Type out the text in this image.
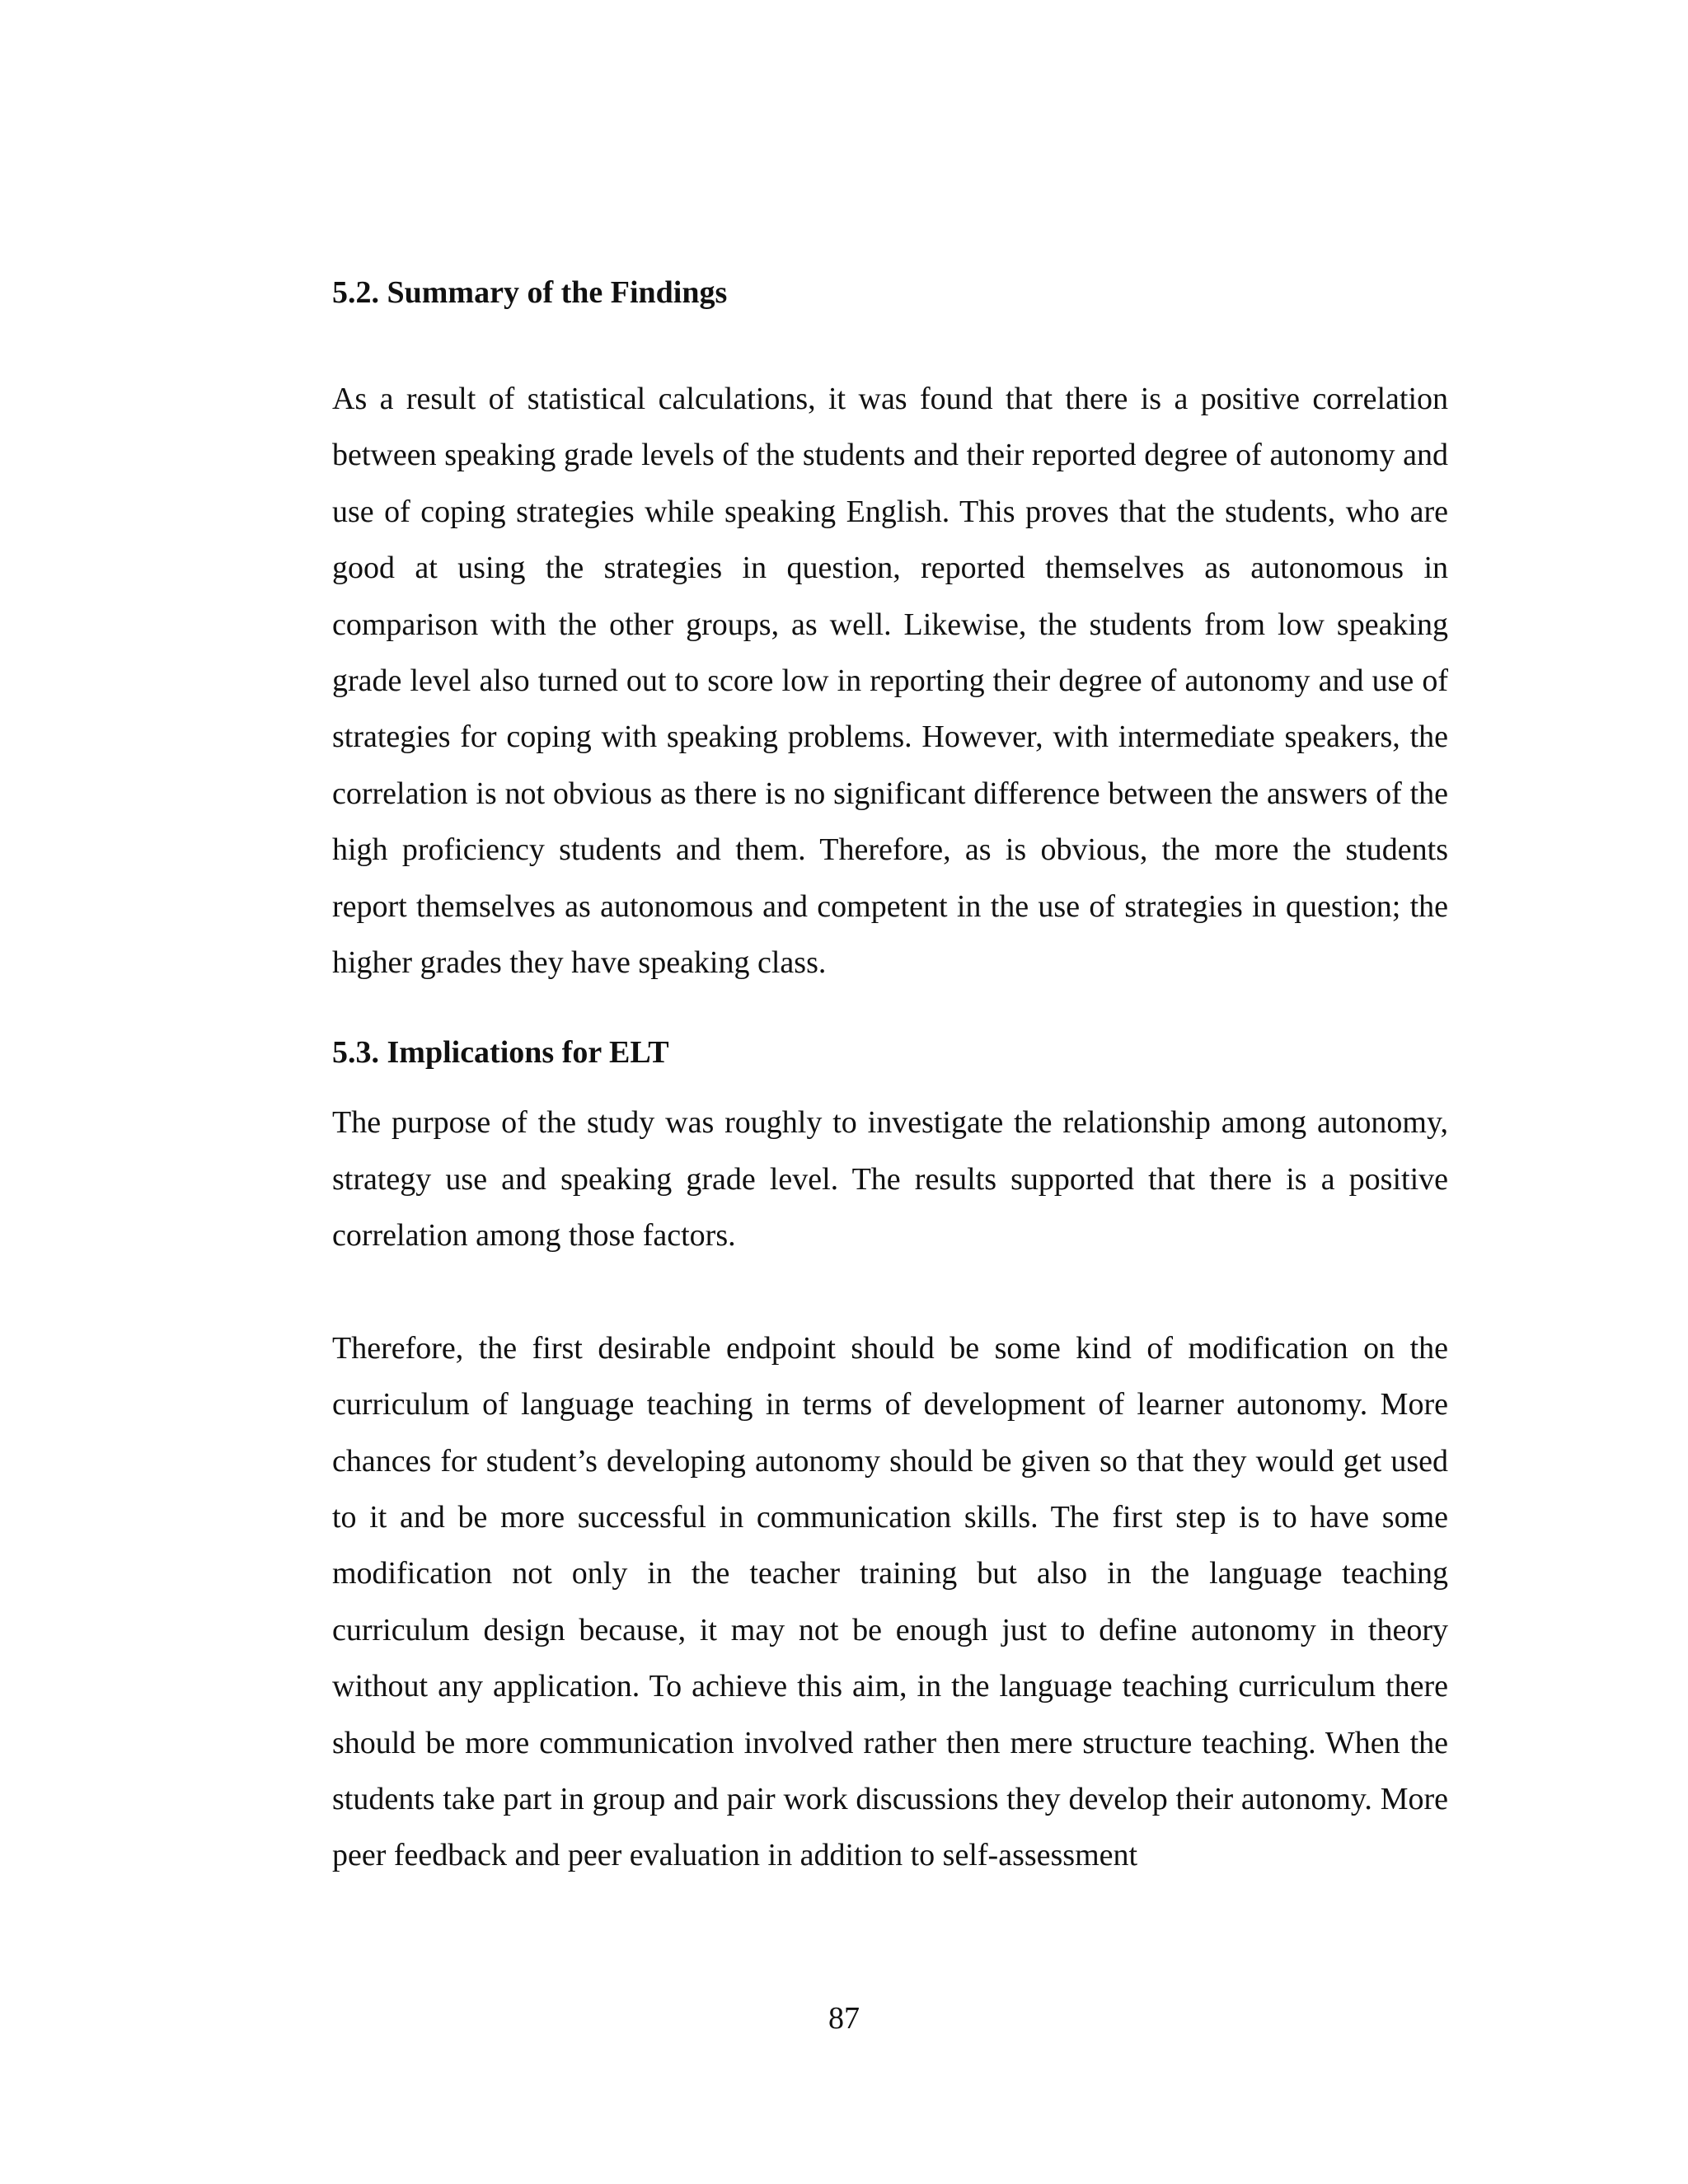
5.2. Summary of the Findings

As a result of statistical calculations, it was found that there is a positive correlation between speaking grade levels of the students and their reported degree of autonomy and use of coping strategies while speaking English. This proves that the students, who are good at using the strategies in question, reported themselves as autonomous in comparison with the other groups, as well. Likewise, the students from low speaking grade level also turned out to score low in reporting their degree of autonomy and use of strategies for coping with speaking problems. However, with intermediate speakers, the correlation is not obvious as there is no significant difference between the answers of the high proficiency students and them. Therefore, as is obvious, the more the students report themselves as autonomous and competent in the use of strategies in question; the higher grades they have speaking class.

5.3. Implications for ELT

The purpose of the study was roughly to investigate the relationship among autonomy, strategy use and speaking grade level. The results supported that there is a positive correlation among those factors.

Therefore, the first desirable endpoint should be some kind of modification on the curriculum of language teaching in terms of development of learner autonomy. More chances for student’s developing autonomy should be given so that they would get used to it and be more successful in communication skills. The first step is to have some modification not only in the teacher training but also in the language teaching curriculum design because, it may not be enough just to define autonomy in theory without any application. To achieve this aim, in the language teaching curriculum there should be more communication involved rather then mere structure teaching. When the students take part in group and pair work discussions they develop their autonomy. More peer feedback and peer evaluation in addition to self-assessment

87
